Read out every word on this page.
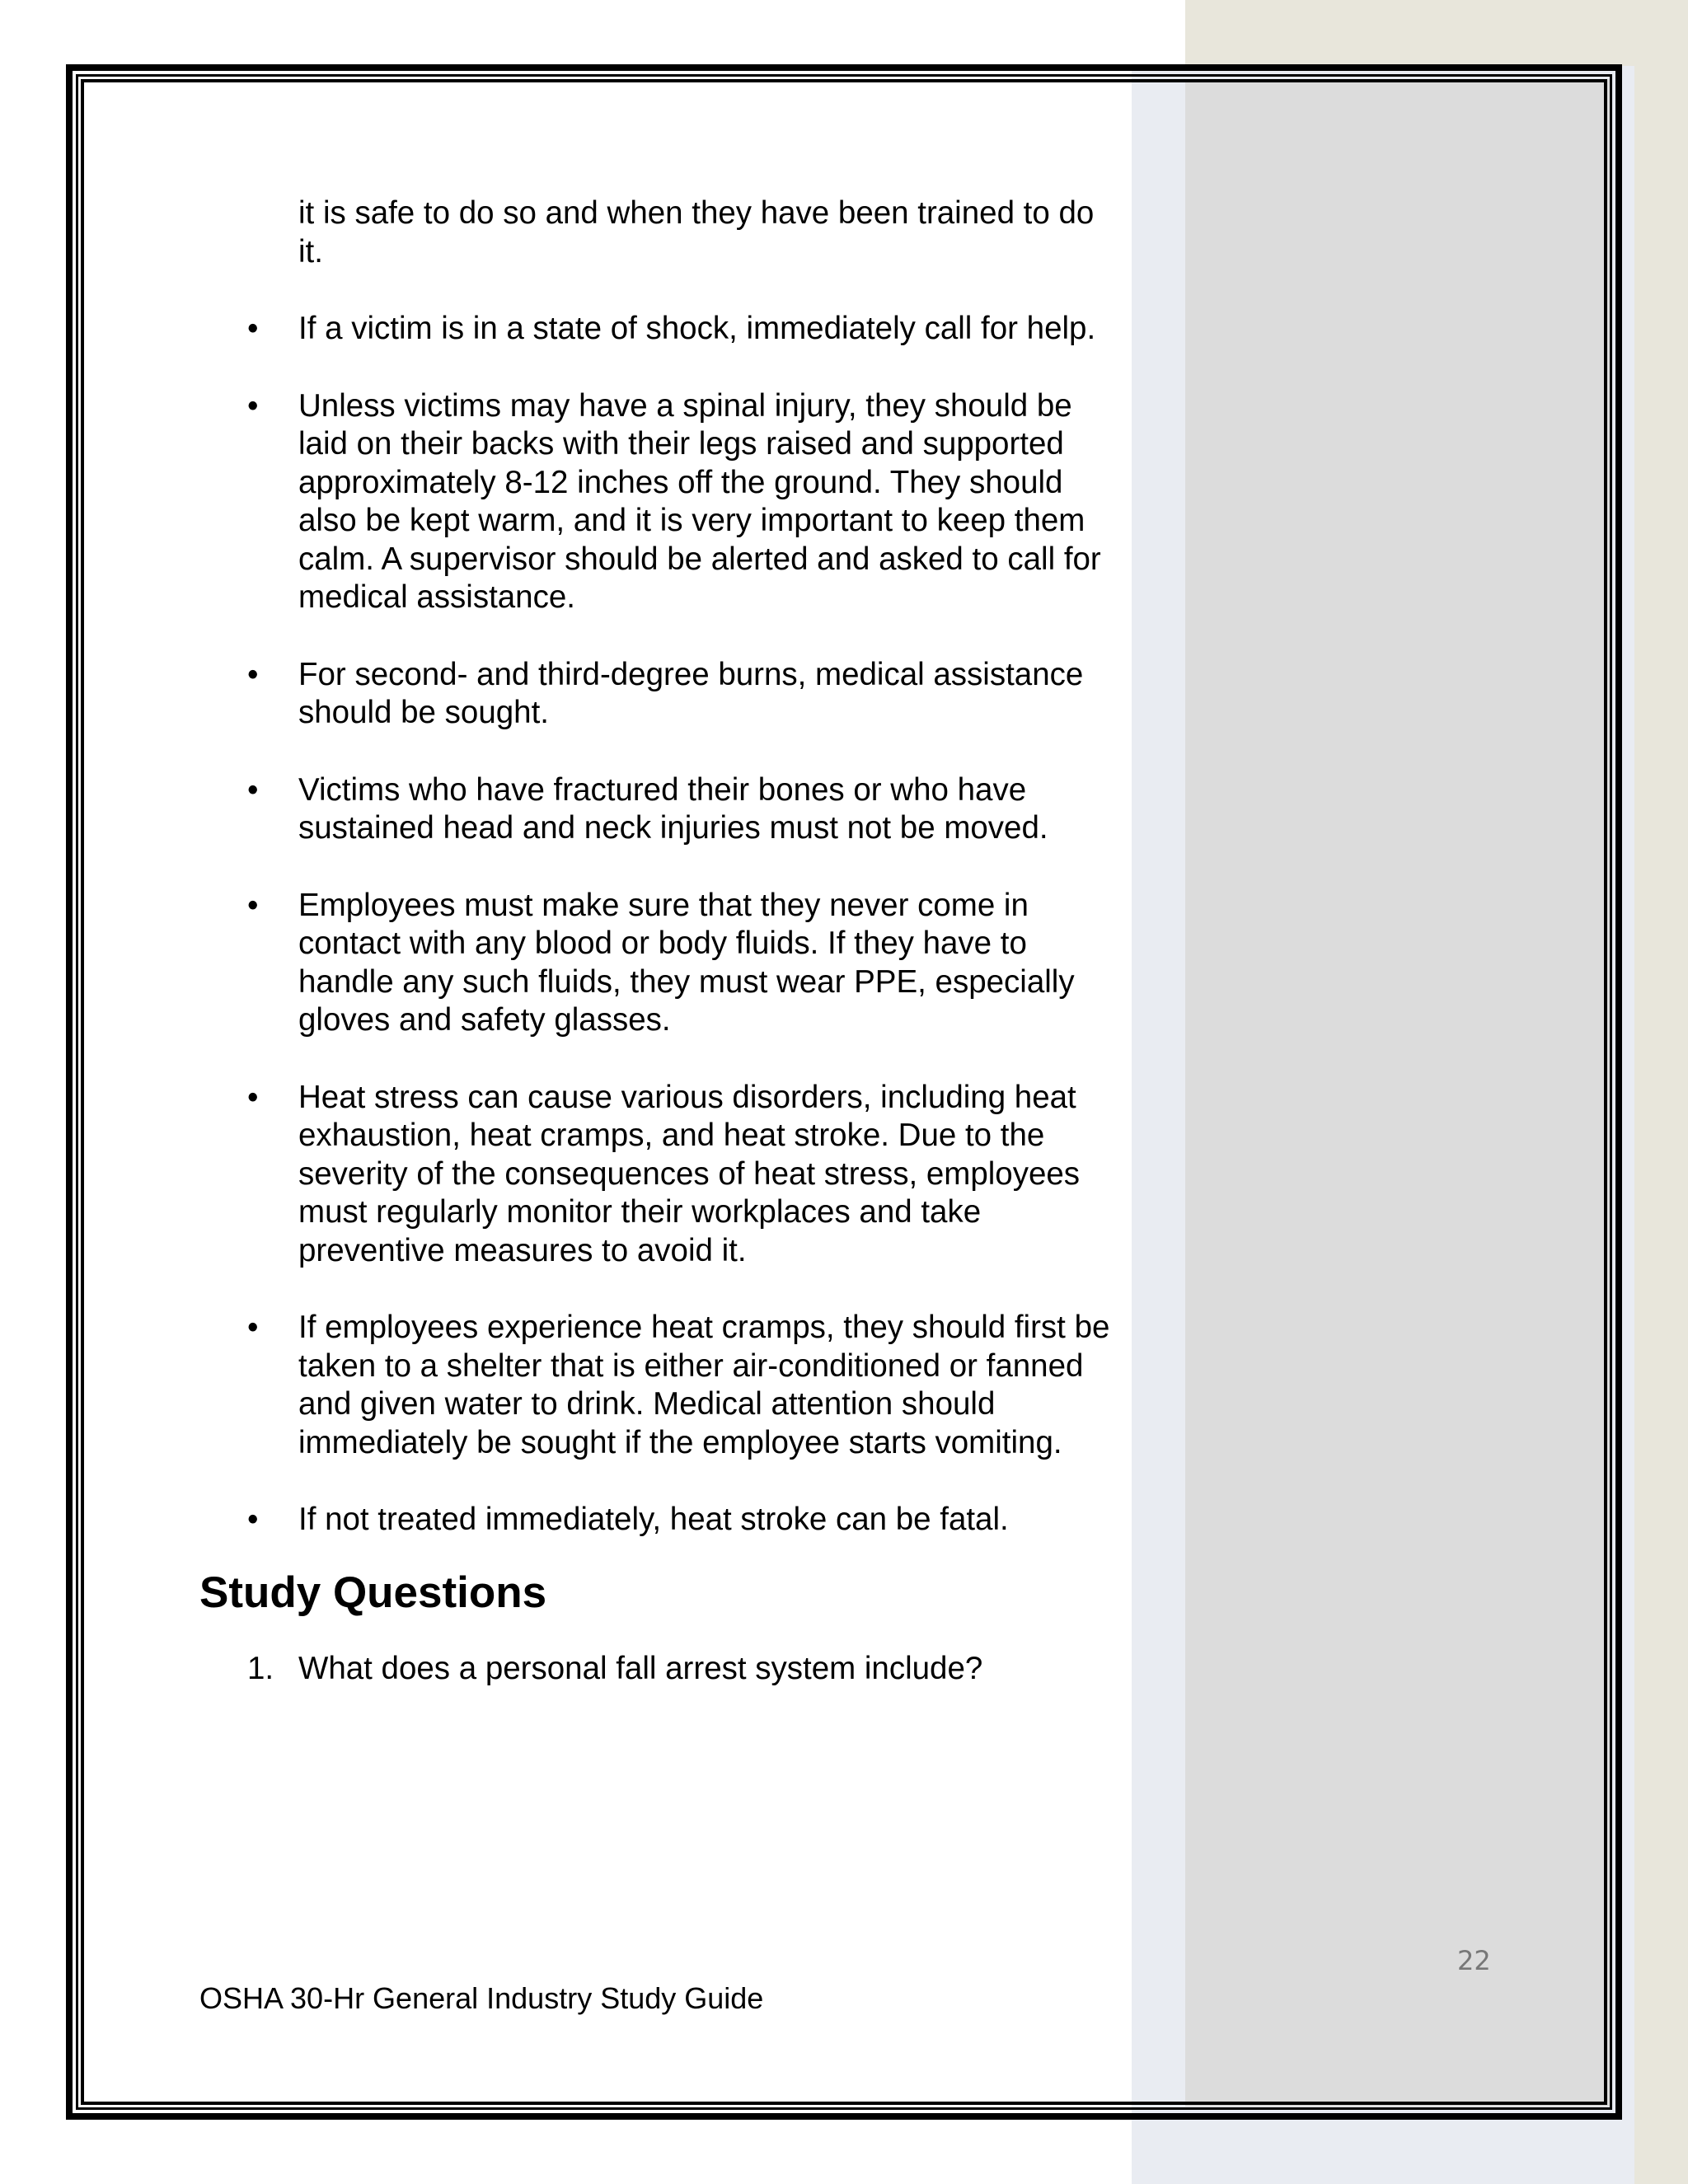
it is safe to do so and when they have been trained to do it.

• If a victim is in a state of shock, immediately call for help.
• Unless victims may have a spinal injury, they should be laid on their backs with their legs raised and supported approximately 8-12 inches off the ground. They should also be kept warm, and it is very important to keep them calm. A supervisor should be alerted and asked to call for medical assistance.
• For second- and third-degree burns, medical assistance should be sought.
• Victims who have fractured their bones or who have sustained head and neck injuries must not be moved.
• Employees must make sure that they never come in contact with any blood or body fluids. If they have to handle any such fluids, they must wear PPE, especially gloves and safety glasses.
• Heat stress can cause various disorders, including heat exhaustion, heat cramps, and heat stroke. Due to the severity of the consequences of heat stress, employees must regularly monitor their workplaces and take preventive measures to avoid it.
• If employees experience heat cramps, they should first be taken to a shelter that is either air-conditioned or fanned and given water to drink. Medical attention should immediately be sought if the employee starts vomiting.
• If not treated immediately, heat stroke can be fatal.
Study Questions
1. What does a personal fall arrest system include?
22
OSHA 30-Hr General Industry Study Guide
